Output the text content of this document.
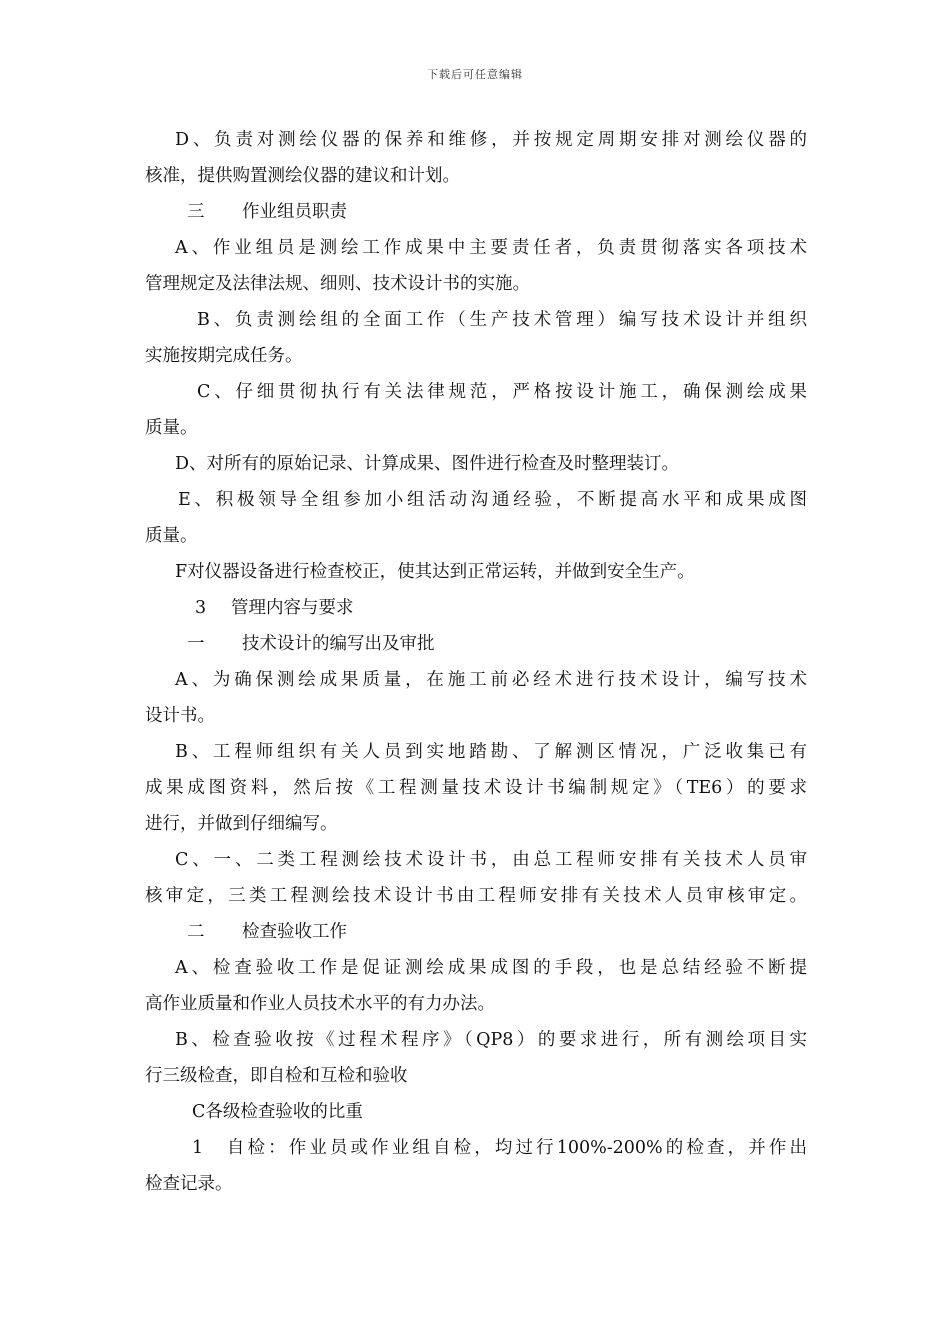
下载后可任意编辑
D、负责对测绘仪器的保养和维修，并按规定周期安排对测绘仪器的
核准，提供购置测绘仪器的建议和计划。
三 作业组员职责
A、作业组员是测绘工作成果中主要责任者，负责贯彻落实各项技术
管理规定及法律法规、细则、技术设计书的实施。
B、负责测绘组的全面工作（生产技术管理）编写技术设计并组织
实施按期完成任务。
C、仔细贯彻执行有关法律规范，严格按设计施工，确保测绘成果
质量。
D、对所有的原始记录、计算成果、图件进行检查及时整理装订。
E、积极领导全组参加小组活动沟通经验，不断提高水平和成果成图
质量。
F对仪器设备进行检查校正，使其达到正常运转，并做到安全生产。
3 管理内容与要求
一 技术设计的编写出及审批
A、为确保测绘成果质量，在施工前必经术进行技术设计，编写技术
设计书。
B、工程师组织有关人员到实地踏勘、了解测区情况，广泛收集已有
成果成图资料，然后按《工程测量技术设计书编制规定》（TE6）的要求
进行，并做到仔细编写。
C、一、二类工程测绘技术设计书，由总工程师安排有关技术人员审
核审定，三类工程测绘技术设计书由工程师安排有关技术人员审核审定。
二 检查验收工作
A、检查验收工作是促证测绘成果成图的手段，也是总结经验不断提
高作业质量和作业人员技术水平的有力办法。
B、检查验收按《过程术程序》（QP8）的要求进行，所有测绘项目实
行三级检查，即自检和互检和验收
C各级检查验收的比重
1　自检：作业员或作业组自检，均过行100%-200%的检查，并作出
检查记录。
